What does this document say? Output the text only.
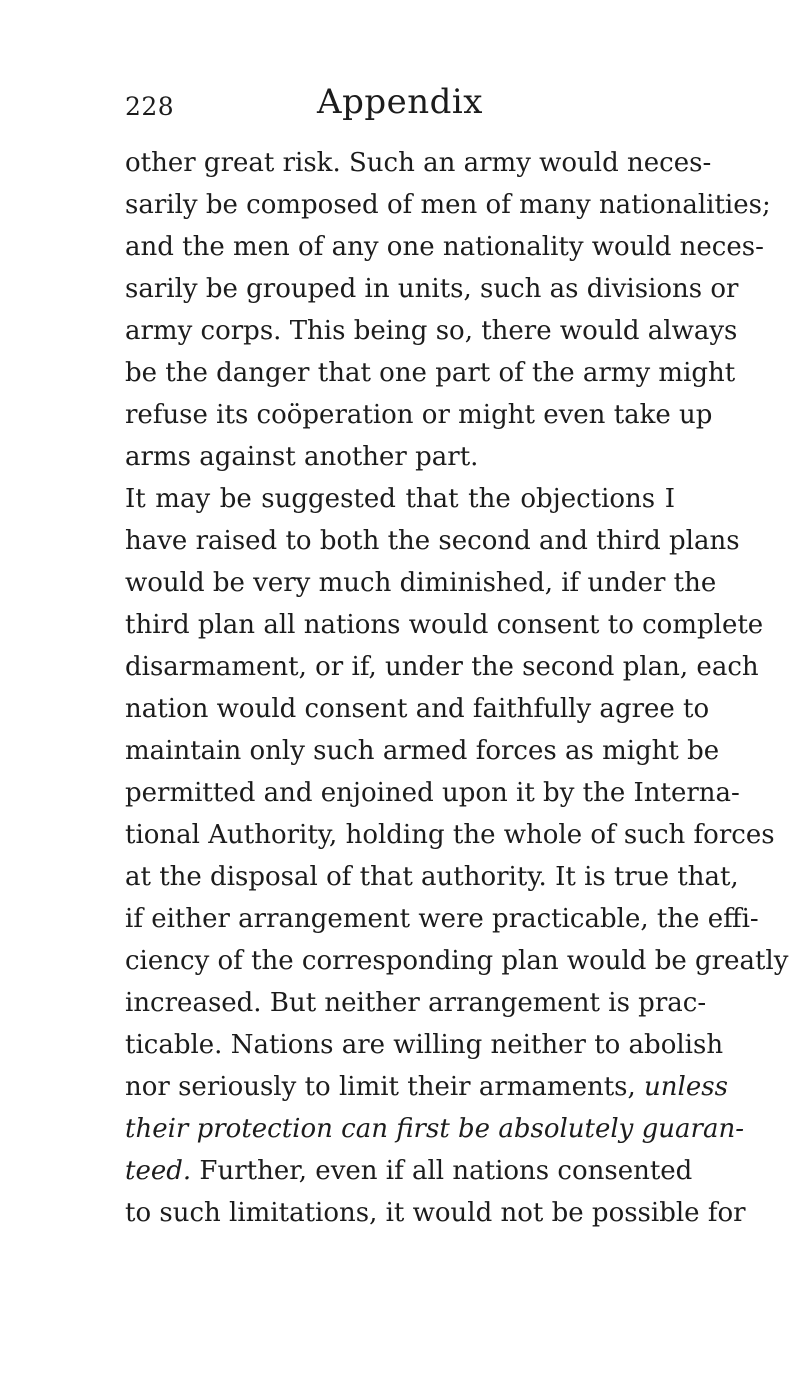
228	Appendix
other great risk. Such an army would neces-
sarily be composed of men of many nationalities;
and the men of any one nationality would neces-
sarily be grouped in units, such as divisions or
army corps. This being so, there would always
be the danger that one part of the army might
refuse its coöperation or might even take up
arms against another part.
It may be suggested that the objections I
have raised to both the second and third plans
would be very much diminished, if under the
third plan all nations would consent to complete
disarmament, or if, under the second plan, each
nation would consent and faithfully agree to
maintain only such armed forces as might be
permitted and enjoined upon it by the Interna-
tional Authority, holding the whole of such forces
at the disposal of that authority. It is true that,
if either arrangement were practicable, the effi-
ciency of the corresponding plan would be greatly
increased. But neither arrangement is prac-
ticable. Nations are willing neither to abolish
nor seriously to limit their armaments, unless
their protection can first be absolutely guaran-
teed. Further, even if all nations consented
to such limitations, it would not be possible for
